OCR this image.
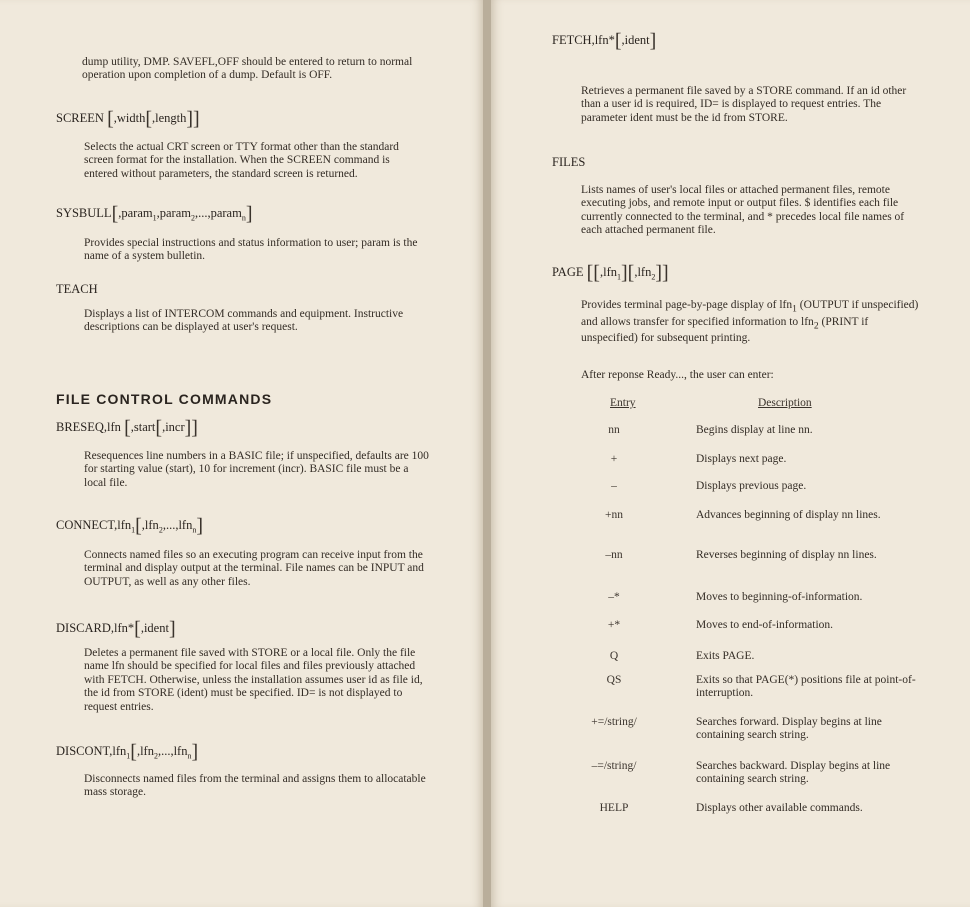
dump utility, DMP. SAVEFL,OFF should be entered to return to normal operation upon completion of a dump. Default is OFF.
SCREEN [,width[,length]]
Selects the actual CRT screen or TTY format other than the standard screen format for the installation. When the SCREEN command is entered without parameters, the standard screen is returned.
SYSBULL[,param$_1$,param$_2$,...,param$_n$]
Provides special instructions and status information to user; param is the name of a system bulletin.
TEACH
Displays a list of INTERCOM commands and equipment. Instructive descriptions can be displayed at user's request.
FILE CONTROL COMMANDS
BRESEQ,lfn [,start[,incr]]
Resequences line numbers in a BASIC file; if unspecified, defaults are 100 for starting value (start), 10 for increment (incr). BASIC file must be a local file.
CONNECT,lfn$_1$[,lfn$_2$,...,lfn$_n$]
Connects named files so an executing program can receive input from the terminal and display output at the terminal. File names can be INPUT and OUTPUT, as well as any other files.
DISCARD,lfn*[,ident]
Deletes a permanent file saved with STORE or a local file. Only the file name lfn should be specified for local files and files previously attached with FETCH. Otherwise, unless the installation assumes user id as file id, the id from STORE (ident) must be specified. ID= is not displayed to request entries.
DISCONT,lfn$_1$[,lfn$_2$,...,lfn$_n$]
Disconnects named files from the terminal and assigns them to allocatable mass storage.
FETCH,lfn*[,ident]
Retrieves a permanent file saved by a STORE command. If an id other than a user id is required, ID= is displayed to request entries. The parameter ident must be the id from STORE.
FILES
Lists names of user's local files or attached permanent files, remote executing jobs, and remote input or output files. $ identifies each file currently connected to the terminal, and * precedes local file names of each attached permanent file.
PAGE [[,lfn$_1$][,lfn$_2$]]
Provides terminal page-by-page display of lfn$_1$ (OUTPUT if unspecified) and allows transfer for specified information to lfn$_2$ (PRINT if unspecified) for subsequent printing.
After reponse Ready..., the user can enter:
Entry	Description
nn	Begins display at line nn.
+	Displays next page.
–	Displays previous page.
+nn	Advances beginning of display nn lines.
–nn	Reverses beginning of display nn lines.
–*	Moves to beginning-of-information.
+*	Moves to end-of-information.
Q	Exits PAGE.
QS	Exits so that PAGE(*) positions file at point-of-interruption.
+=/string/	Searches forward. Display begins at line containing search string.
–=/string/	Searches backward. Display begins at line containing search string.
HELP	Displays other available commands.
